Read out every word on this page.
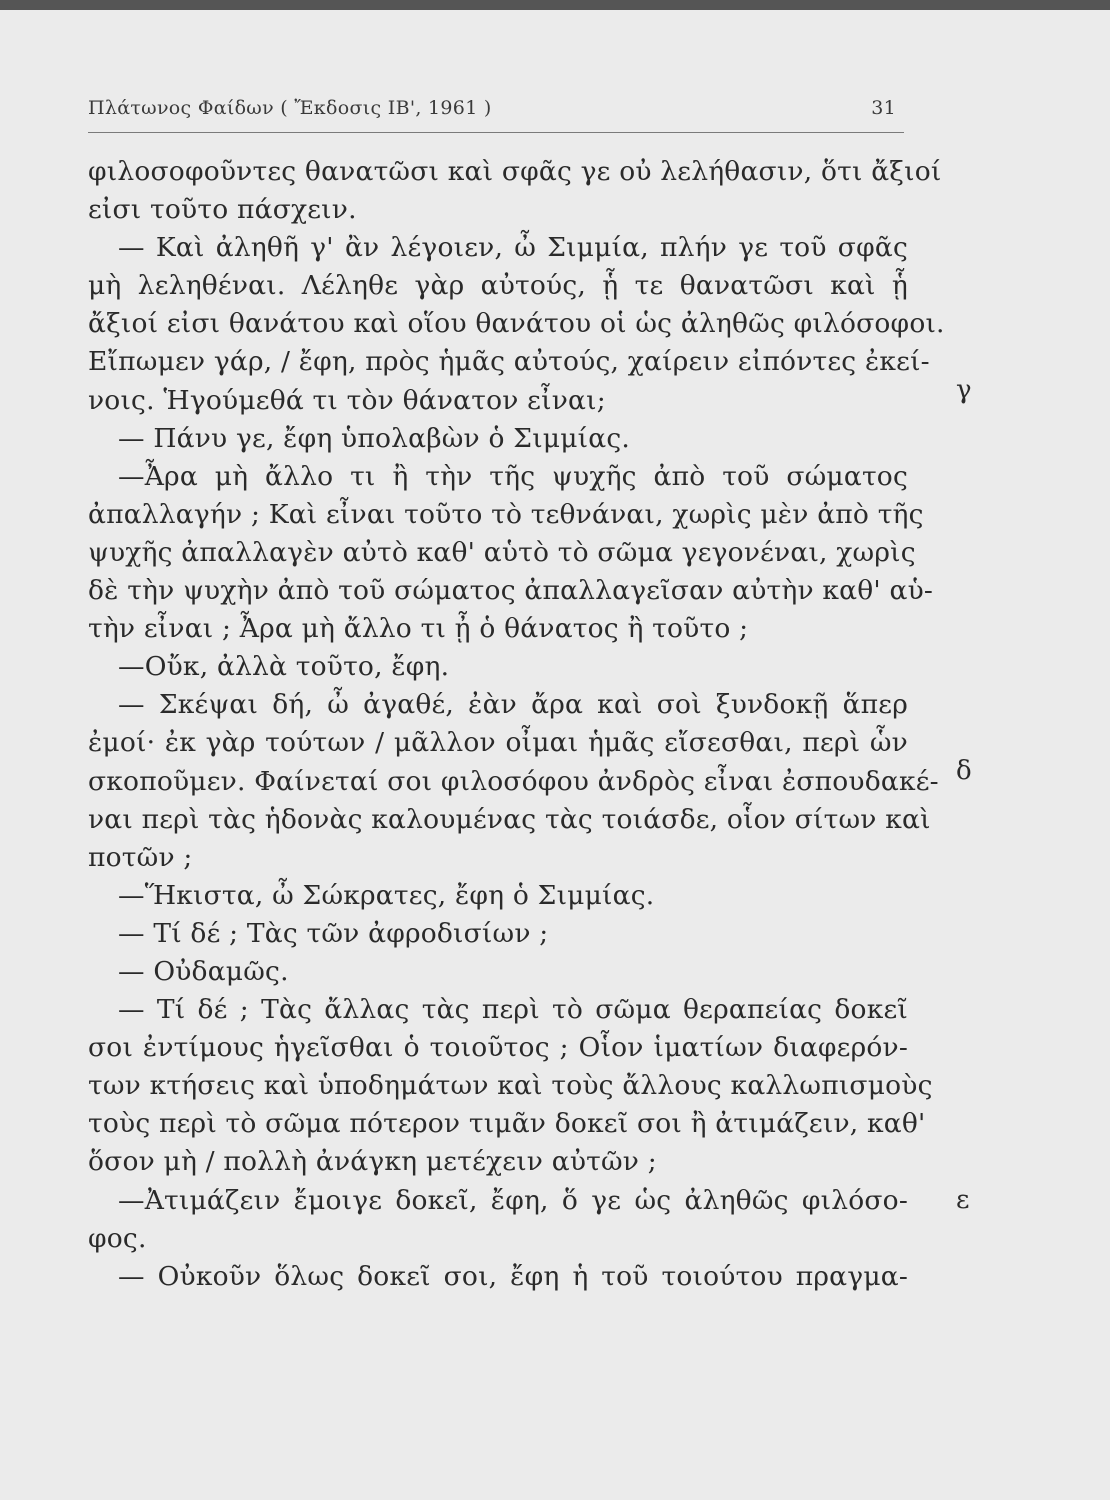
Πλάτωνος Φαίδων ( Ἔκδοσις ΙΒ', 1961 )	31
φιλοσοφοῦντες θανατῶσι καὶ σφᾶς γε οὐ λελήθασιν, ὅτι ἄξιοί
εἰσι τοῦτο πάσχειν.
— Καὶ ἀληθῆ γ' ἂν λέγοιεν, ὦ Σιμμία, πλήν γε τοῦ σφᾶς
μὴ λεληθέναι. Λέληθε γὰρ αὐτούς, ᾗ τε θανατῶσι καὶ ᾗ
ἄξιοί εἰσι θανάτου καὶ οἵου θανάτου οἱ ὡς ἀληθῶς φιλόσοφοι.
Εἴπωμεν γάρ, / ἔφη, πρὸς ἡμᾶς αὐτούς, χαίρειν εἰπόντες ἐκεί-
νοις. Ἡγούμεθά τι τὸν θάνατον εἶναι;
— Πάνυ γε, ἔφη ὑπολαβὼν ὁ Σιμμίας.
—Ἆρα μὴ ἄλλο τι ἢ τὴν τῆς ψυχῆς ἀπὸ τοῦ σώματος
ἀπαλλαγήν ; Καὶ εἶναι τοῦτο τὸ τεθνάναι, χωρὶς μὲν ἀπὸ τῆς
ψυχῆς ἀπαλλαγὲν αὐτὸ καθ' αὑτὸ τὸ σῶμα γεγονέναι, χωρὶς
δὲ τὴν ψυχὴν ἀπὸ τοῦ σώματος ἀπαλλαγεῖσαν αὐτὴν καθ' αὑ-
τὴν εἶναι ; Ἆρα μὴ ἄλλο τι ᾖ ὁ θάνατος ἢ τοῦτο ;
—Οὔκ, ἀλλὰ τοῦτο, ἔφη.
— Σκέψαι δή, ὦ ἀγαθέ, ἐὰν ἄρα καὶ σοὶ ξυνδοκῇ ἅπερ
ἐμοί· ἐκ γὰρ τούτων / μᾶλλον οἶμαι ἡμᾶς εἴσεσθαι, περὶ ὧν
σκοποῦμεν. Φαίνεταί σοι φιλοσόφου ἀνδρὸς εἶναι ἐσπουδακέ-
ναι περὶ τὰς ἡδονὰς καλουμένας τὰς τοιάσδε, οἷον σίτων καὶ
ποτῶν ;
—Ἥκιστα, ὦ Σώκρατες, ἔφη ὁ Σιμμίας.
— Τί δέ ; Τὰς τῶν ἀφροδισίων ;
— Οὐδαμῶς.
— Τί δέ ; Τὰς ἄλλας τὰς περὶ τὸ σῶμα θεραπείας δοκεῖ
σοι ἐντίμους ἡγεῖσθαι ὁ τοιοῦτος ; Οἷον ἱματίων διαφερόν-
των κτήσεις καὶ ὑποδημάτων καὶ τοὺς ἄλλους καλλωπισμοὺς
τοὺς περὶ τὸ σῶμα πότερον τιμᾶν δοκεῖ σοι ἢ ἀτιμάζειν, καθ'
ὅσον μὴ / πολλὴ ἀνάγκη μετέχειν αὐτῶν ;
—Ἀτιμάζειν ἔμοιγε δοκεῖ, ἔφη, ὅ γε ὡς ἀληθῶς φιλόσο-
φος.
— Οὐκοῦν ὅλως δοκεῖ σοι, ἔφη ἡ τοῦ τοιούτου πραγμα-
γ
δ
ε
